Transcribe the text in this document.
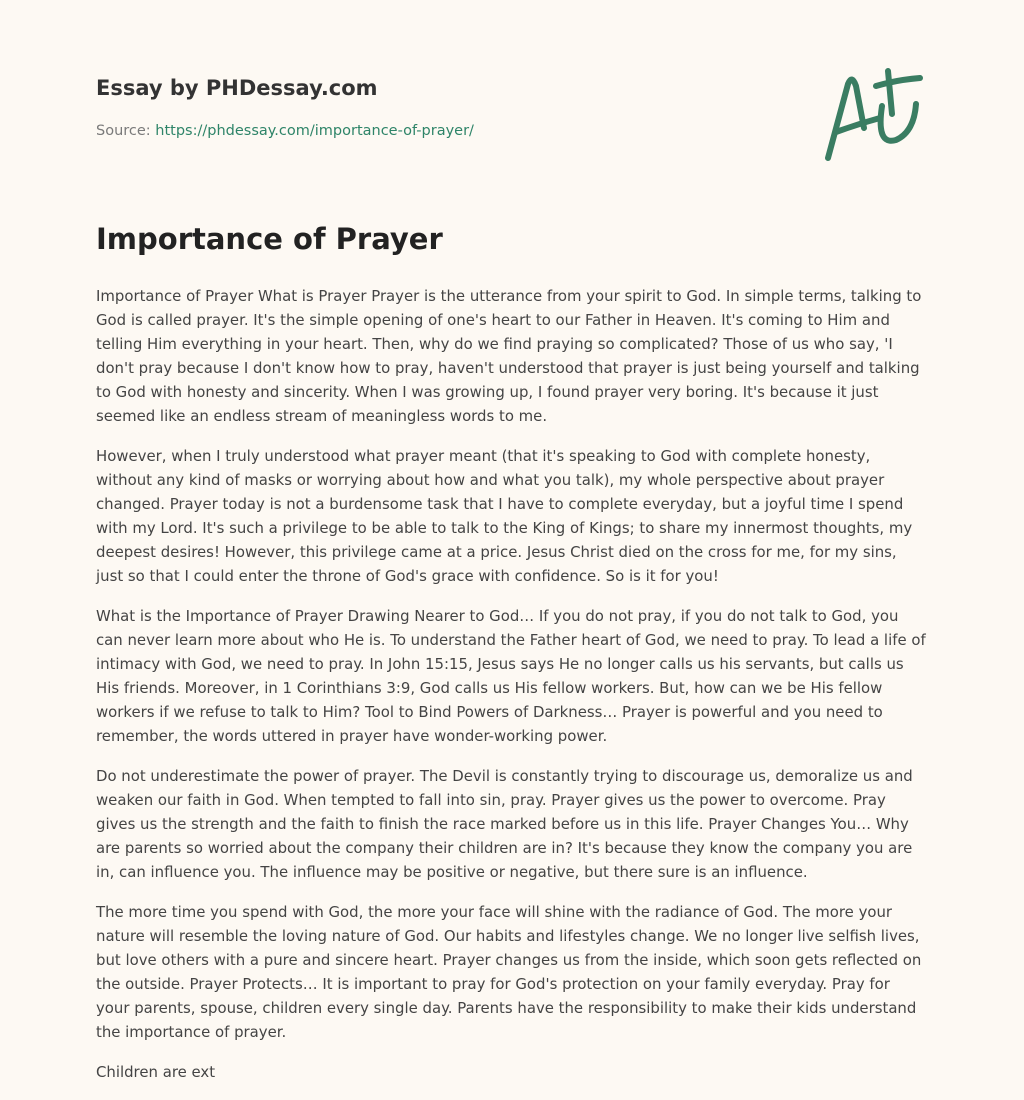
Essay by PHDessay.com
Source: https://phdessay.com/importance-of-prayer/
Importance of Prayer

Importance of Prayer What is Prayer Prayer is the utterance from your spirit to God. In simple terms, talking to God is called prayer. It's the simple opening of one's heart to our Father in Heaven. It's coming to Him and telling Him everything in your heart. Then, why do we find praying so complicated? Those of us who say, 'I don't pray because I don't know how to pray, haven't understood that prayer is just being yourself and talking to God with honesty and sincerity. When I was growing up, I found prayer very boring. It's because it just seemed like an endless stream of meaningless words to me.

However, when I truly understood what prayer meant (that it's speaking to God with complete honesty, without any kind of masks or worrying about how and what you talk), my whole perspective about prayer changed. Prayer today is not a burdensome task that I have to complete everyday, but a joyful time I spend with my Lord. It's such a privilege to be able to talk to the King of Kings; to share my innermost thoughts, my deepest desires! However, this privilege came at a price. Jesus Christ died on the cross for me, for my sins, just so that I could enter the throne of God's grace with confidence. So is it for you!

What is the Importance of Prayer Drawing Nearer to God… If you do not pray, if you do not talk to God, you can never learn more about who He is. To understand the Father heart of God, we need to pray. To lead a life of intimacy with God, we need to pray. In John 15:15, Jesus says He no longer calls us his servants, but calls us His friends. Moreover, in 1 Corinthians 3:9, God calls us His fellow workers. But, how can we be His fellow workers if we refuse to talk to Him? Tool to Bind Powers of Darkness… Prayer is powerful and you need to remember, the words uttered in prayer have wonder-working power.

Do not underestimate the power of prayer. The Devil is constantly trying to discourage us, demoralize us and weaken our faith in God. When tempted to fall into sin, pray. Prayer gives us the power to overcome. Pray gives us the strength and the faith to finish the race marked before us in this life. Prayer Changes You… Why are parents so worried about the company their children are in? It's because they know the company you are in, can influence you. The influence may be positive or negative, but there sure is an influence.

The more time you spend with God, the more your face will shine with the radiance of God. The more your nature will resemble the loving nature of God. Our habits and lifestyles change. We no longer live selfish lives, but love others with a pure and sincere heart. Prayer changes us from the inside, which soon gets reflected on the outside. Prayer Protects… It is important to pray for God's protection on your family everyday. Pray for your parents, spouse, children every single day. Parents have the responsibility to make their kids understand the importance of prayer.

Children are ext
